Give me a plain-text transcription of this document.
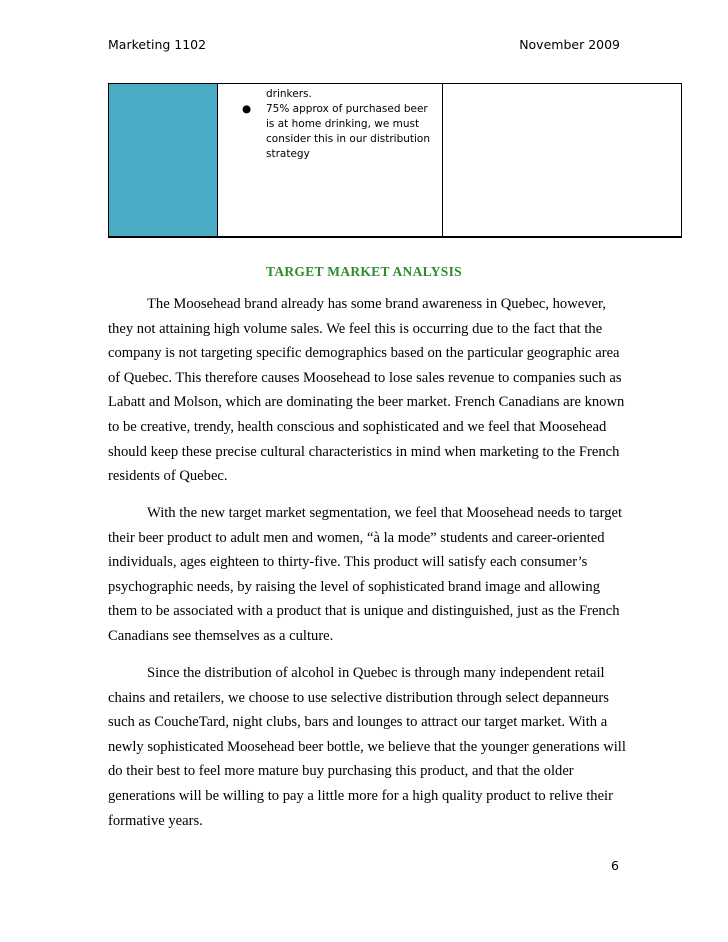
Marketing 1102	November 2009
drinkers.
● 75% approx of purchased beer is at home drinking, we must consider this in our distribution strategy
TARGET MARKET ANALYSIS

The Moosehead brand already has some brand awareness in Quebec, however, they not attaining high volume sales. We feel this is occurring due to the fact that the company is not targeting specific demographics based on the particular geographic area of Quebec. This therefore causes Moosehead to lose sales revenue to companies such as Labatt and Molson, which are dominating the beer market. French Canadians are known to be creative, trendy, health conscious and sophisticated and we feel that Moosehead should keep these precise cultural characteristics in mind when marketing to the French residents of Quebec.

With the new target market segmentation, we feel that Moosehead needs to target their beer product to adult men and women, “à la mode” students and career-oriented individuals, ages eighteen to thirty-five. This product will satisfy each consumer’s psychographic needs, by raising the level of sophisticated brand image and allowing them to be associated with a product that is unique and distinguished, just as the French Canadians see themselves as a culture.

Since the distribution of alcohol in Quebec is through many independent retail chains and retailers, we choose to use selective distribution through select depanneurs such as CoucheTard, night clubs, bars and lounges to attract our target market. With a newly sophisticated Moosehead beer bottle, we believe that the younger generations will do their best to feel more mature buy purchasing this product, and that the older generations will be willing to pay a little more for a high quality product to relive their formative years.

6
